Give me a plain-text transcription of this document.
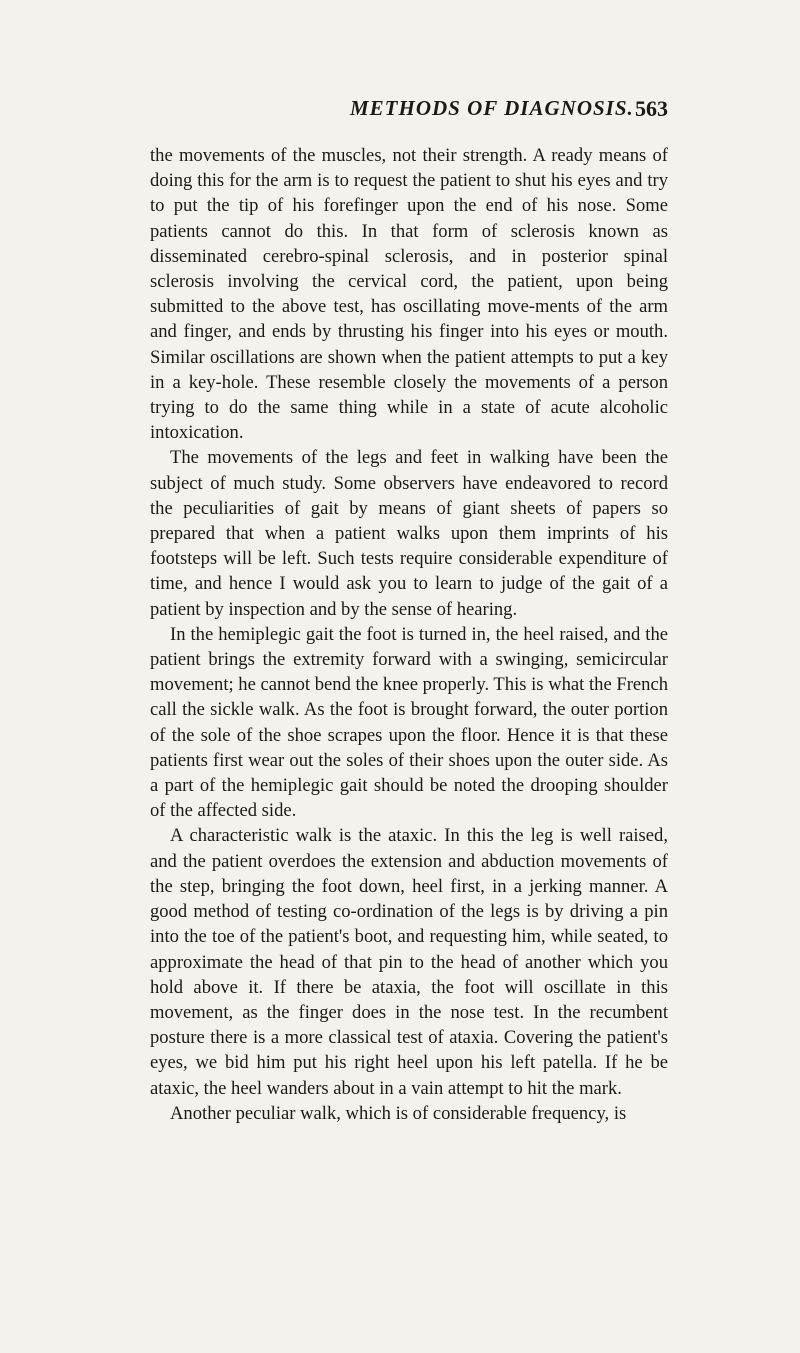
METHODS OF DIAGNOSIS. 563

the movements of the muscles, not their strength. A ready means of doing this for the arm is to request the patient to shut his eyes and try to put the tip of his forefinger upon the end of his nose. Some patients cannot do this. In that form of sclerosis known as disseminated cerebro-spinal sclerosis, and in posterior spinal sclerosis involving the cervical cord, the patient, upon being submitted to the above test, has oscillating move-ments of the arm and finger, and ends by thrusting his finger into his eyes or mouth. Similar oscillations are shown when the patient attempts to put a key in a key-hole. These resemble closely the movements of a person trying to do the same thing while in a state of acute alcoholic intoxication.

The movements of the legs and feet in walking have been the subject of much study. Some observers have endeavored to record the peculiarities of gait by means of giant sheets of papers so prepared that when a patient walks upon them imprints of his footsteps will be left. Such tests require considerable expenditure of time, and hence I would ask you to learn to judge of the gait of a patient by inspection and by the sense of hearing.

In the hemiplegic gait the foot is turned in, the heel raised, and the patient brings the extremity forward with a swinging, semicircular movement; he cannot bend the knee properly. This is what the French call the sickle walk. As the foot is brought forward, the outer portion of the sole of the shoe scrapes upon the floor. Hence it is that these patients first wear out the soles of their shoes upon the outer side. As a part of the hemiplegic gait should be noted the drooping shoulder of the affected side.

A characteristic walk is the ataxic. In this the leg is well raised, and the patient overdoes the extension and abduction movements of the step, bringing the foot down, heel first, in a jerking manner. A good method of testing co-ordination of the legs is by driving a pin into the toe of the patient's boot, and requesting him, while seated, to approximate the head of that pin to the head of another which you hold above it. If there be ataxia, the foot will oscillate in this movement, as the finger does in the nose test. In the recumbent posture there is a more classical test of ataxia. Covering the patient's eyes, we bid him put his right heel upon his left patella. If he be ataxic, the heel wanders about in a vain attempt to hit the mark.

Another peculiar walk, which is of considerable frequency, is
